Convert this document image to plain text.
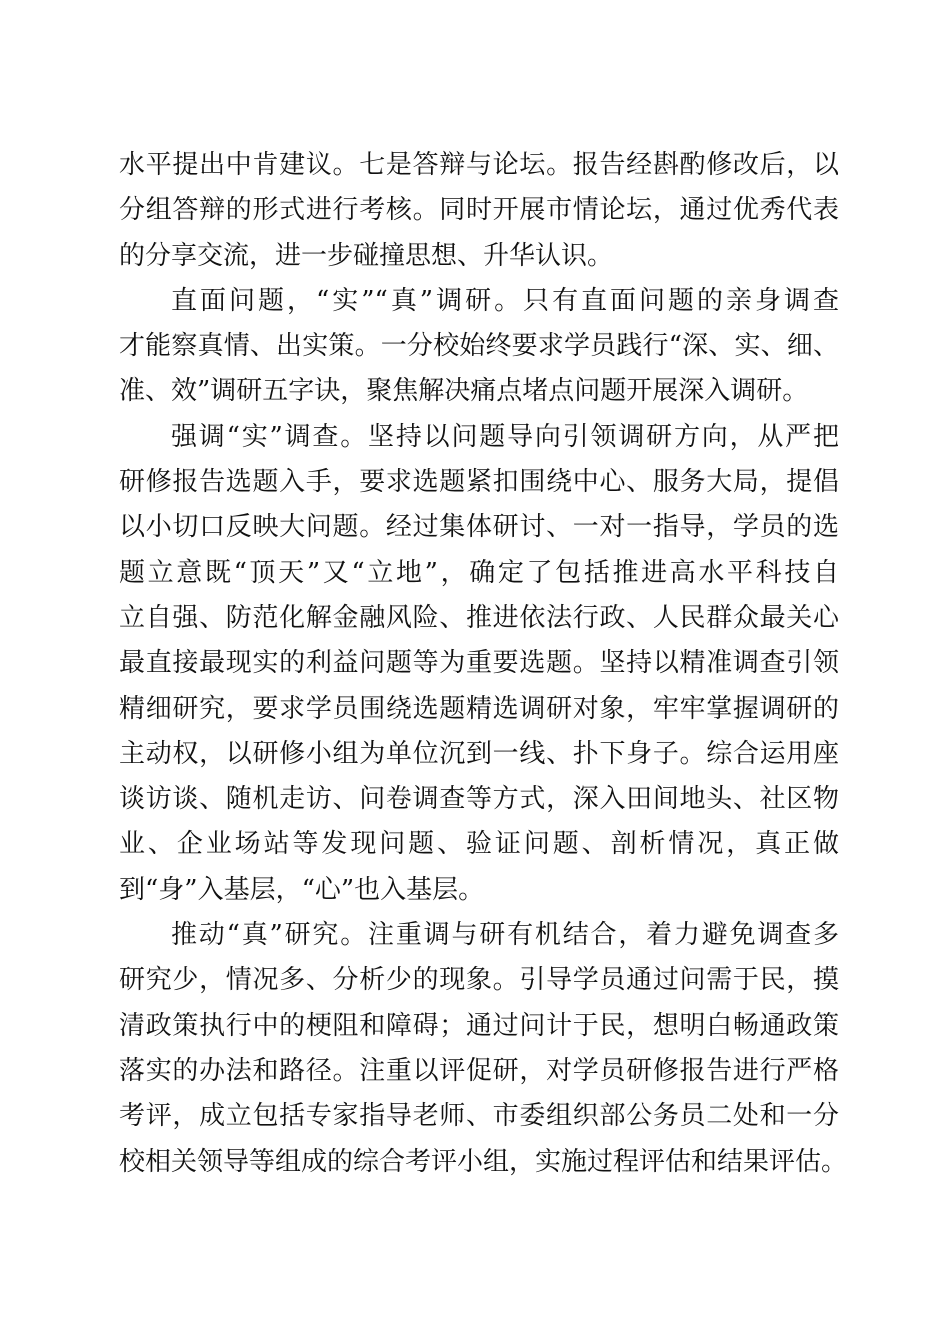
水平提出中肯建议。七是答辩与论坛。报告经斟酌修改后，以
分组答辩的形式进行考核。同时开展市情论坛，通过优秀代表
的分享交流，进一步碰撞思想、升华认识。
直面问题，“实”“真”调研。只有直面问题的亲身调查
才能察真情、出实策。一分校始终要求学员践行“深、实、细、
准、效”调研五字诀，聚焦解决痛点堵点问题开展深入调研。
强调“实”调查。坚持以问题导向引领调研方向，从严把
研修报告选题入手，要求选题紧扣围绕中心、服务大局，提倡
以小切口反映大问题。经过集体研讨、一对一指导，学员的选
题立意既“顶天”又“立地”，确定了包括推进高水平科技自
立自强、防范化解金融风险、推进依法行政、人民群众最关心
最直接最现实的利益问题等为重要选题。坚持以精准调查引领
精细研究，要求学员围绕选题精选调研对象，牢牢掌握调研的
主动权，以研修小组为单位沉到一线、扑下身子。综合运用座
谈访谈、随机走访、问卷调查等方式，深入田间地头、社区物
业、企业场站等发现问题、验证问题、剖析情况，真正做
到“身”入基层，“心”也入基层。
推动“真”研究。注重调与研有机结合，着力避免调查多
研究少，情况多、分析少的现象。引导学员通过问需于民，摸
清政策执行中的梗阻和障碍；通过问计于民，想明白畅通政策
落实的办法和路径。注重以评促研，对学员研修报告进行严格
考评，成立包括专家指导老师、市委组织部公务员二处和一分
校相关领导等组成的综合考评小组，实施过程评估和结果评估。
